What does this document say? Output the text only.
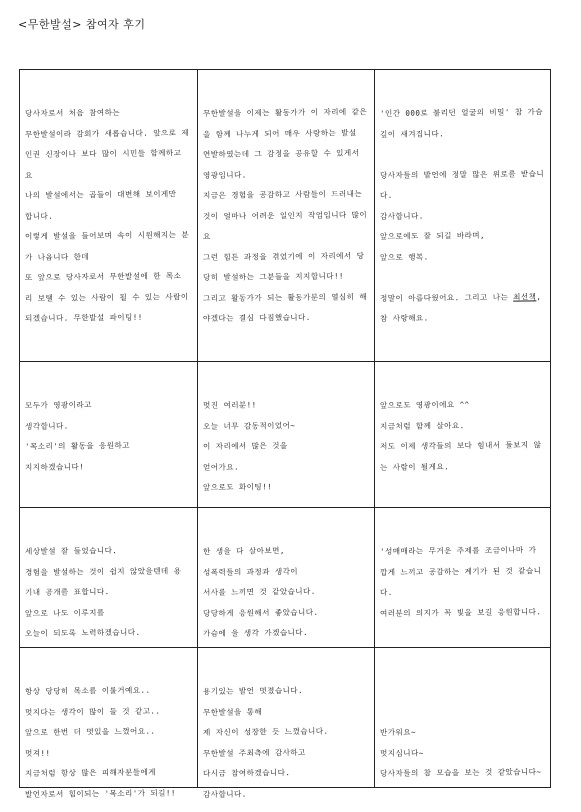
<무한발설> 참여자 후기
당사자로서 처음 참여하는
무한발설이라 감회가 새롭습니다. 앞으로 제
인권 신장이나 보다 많이 시민들 함께하고
요
나의 발설에서는 곱들이 대변해 보이게만
합니다.
이렇게 발설을 들어보며 속이 시원해지는 분
가 나옵니다 한데
또 앞으로 당사자로서 무한발설에 한 목소
리 보탤 수 있는 사람이 될 수 있는 사람이
되겠습니다. 무한발설 파이팅!!
무한발설을 이제는 활동가가 이 자리에 같은
을 함께 나누게 되어 매우 사랑하는 발설
연발하였는데 그 감정을 공유할 수 있게서
영광입니다.
지금은 경험을 공감하고 사람들이 드러내는
것이 얼마나 어려운 일인지 작업입니다 많이
요
그런 힘든 과정을 겪었기에 이 자리에서 당
당히 발설하는 그분들을 지지합니다!!
그리고 활동가가 되는 활동가분의 열심히 해
야겠다는 결심 다짐했습니다.
'인간 000로 불리던 얼굴의 비밀' 참 가슴
깊이 새겨집니다.

당사자들의 발언에 정말 많은 위로를 받습니
다.
감사합니다.
앞으로에도 잘 되길 바라며,
앞으로 행복.

정말이 아름다웠어요. 그리고 나는 최선책,
참 사랑해요.
모두가 영광이라고
생각합니다.
'목소리'의 활동을 응원하고
지지하겠습니다!
멋진 여러분!!
오늘 너무 감동적이었어~
이 자리에서 많은 것을
얻어가요.
앞으로도 화이팅!!
앞으로도 영광이에요 ^^
지금처럼 함께 살아요.
저도 이제 생각들의 보다 힘내서 돌보지 않
는 사람이 될게요.
세상발설 잘 들었습니다.
경험을 발설하는 것이 쉽지 않았을텐데 용
기내 공개를 표합니다.
앞으로 나도 이루지를
오늘이 되도록 노력하겠습니다.
한 생을 다 살아보면,
성폭력들의 과정과 생각이
서사를 느끼면 것 같았습니다.
당당하게 응원해서 좋았습니다.
가슴에 울 생각 가겠습니다.
'성매매라는 무거운 주제를 조금이나마 가
깝게 느끼고 공감하는 계기가 된 것 같습니
다.
여러분의 의지가 꼭 빛을 보길 응원합니다.
항상 당당히 목소를 이룰거예요..
멋지다는 생각이 많이 들 것 같고..
앞으로 한번 더 멋있을 느꼈어요..
멋져!!
지금처럼 항상 많은 피해자분들에게
발언자로서 힘이되는 '목소리'가 되길!!
용기있는 발언 멋졌습니다.
무한발설을 통해
제 자신이 성장한 듯 느꼈습니다.
무한발설 주최측에 감사하고
다시금 참여하겠습니다.
감사합니다.

반가워요~
멋지십니다~
당사자들의 참 모습을 보는 것 같았습니다~
